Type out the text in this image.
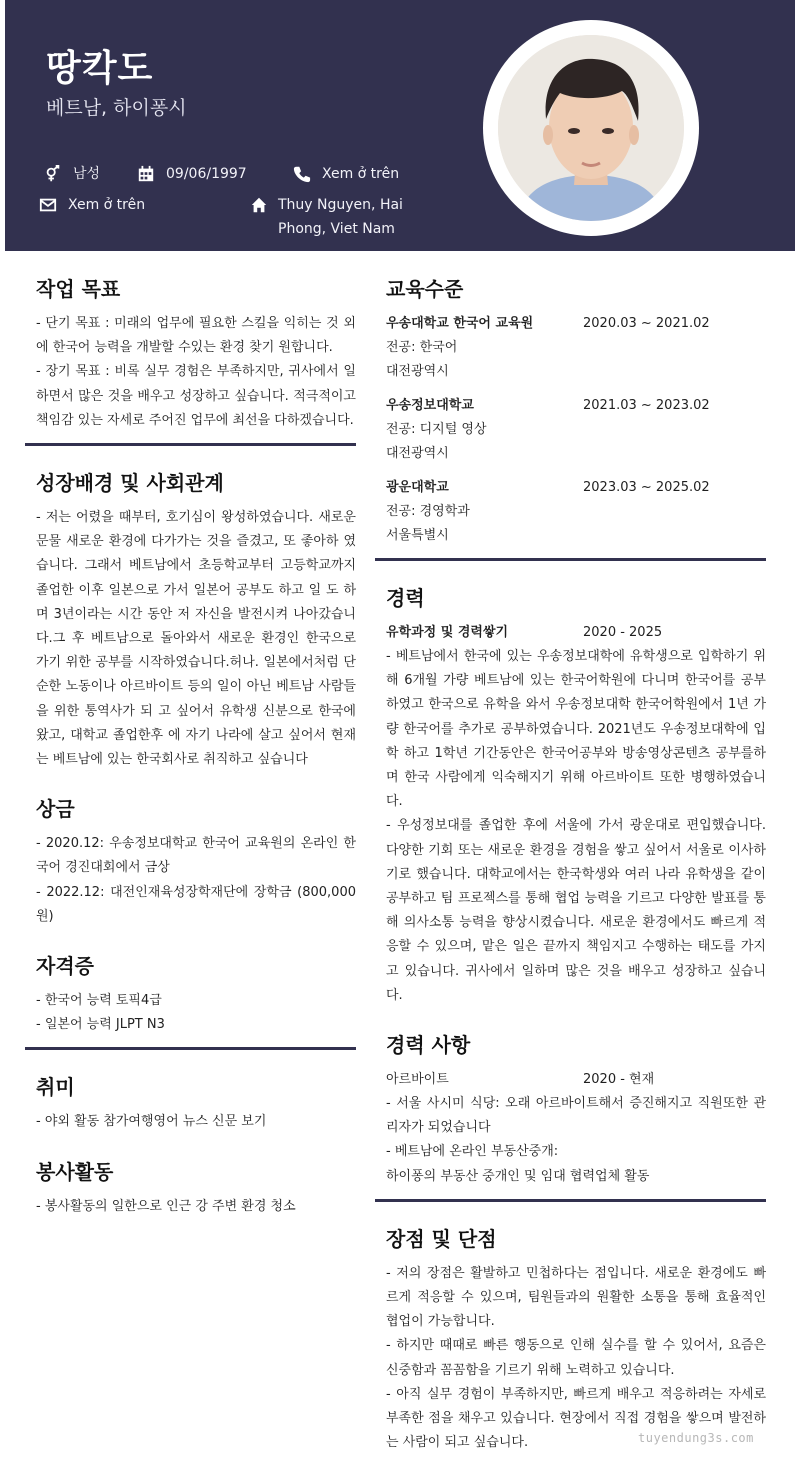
땅칵도
베트남, 하이퐁시
남성	09/06/1997	Xem ở trên
Xem ở trên	Thuy Nguyen, Hai Phong, Viet Nam
작업 목표
- 단기 목표 : 미래의 업무에 필요한 스킬을 익히는 것 외에 한국어 능력을 개발할 수있는 환경 찾기 원합니다.
- 장기 목표 : 비록 실무 경험은 부족하지만, 귀사에서 일하면서 많은 것을 배우고 성장하고 싶습니다. 적극적이고 책임감 있는 자세로 주어진 업무에 최선을 다하겠습니다.
성장배경 및 사회관계
- 저는 어렸을 때부터, 호기심이 왕성하였습니다. 새로운 문물 새로운 환경에 다가가는 것을 즐겼고, 또 좋아하 였습니다. 그래서 베트남에서 초등학교부터 고등학교까지 졸업한 이후 일본으로 가서 일본어 공부도 하고 일 도 하며 3년이라는 시간 동안 저 자신을 발전시켜 나아갔습니다.그 후 베트남으로 돌아와서 새로운 환경인 한국으로 가기 위한 공부를 시작하였습니다.허나. 일본에서처럼 단순한 노동이나 아르바이트 등의 일이 아닌 베트남 사람들을 위한 통역사가 되 고 싶어서 유학생 신분으로 한국에 왔고, 대학교 졸업한후 에 자기 나라에 살고 싶어서 현재는 베트남에 있는 한국회사로 취직하고 싶습니다
상금
- 2020.12: 우송정보대학교 한국어 교육원의 온라인 한국어 경진대회에서 금상
- 2022.12: 대전인재육성장학재단에 장학금 (800,000원)
자격증
- 한국어 능력 토픽4급
- 일본어 능력 JLPT N3
취미
- 야외 활동 참가여행영어 뉴스 신문 보기
봉사활동
- 봉사활동의 일한으로 인근 강 주변 환경 청소
교육수준
우송대학교 한국어 교육원	2020.03 ~ 2021.02
전공: 한국어
대전광역시
우송정보대학교	2021.03 ~ 2023.02
전공: 디지털 영상
대전광역시
광운대학교	2023.03 ~ 2025.02
전공: 경영학과
서울특별시
경력
유학과정 및 경력쌓기	2020 - 2025
- 베트남에서 한국에 있는 우송정보대학에 유학생으로 입학하기 위해 6개월 가량 베트남에 있는 한국어학원에 다니며 한국어를 공부하였고 한국으로 유학을 와서 우송정보대학 한국어학원에서 1년 가량 한국어를 추가로 공부하였습니다. 2021년도 우송정보대학에 입학 하고 1학년 기간동안은 한국어공부와 방송영상콘텐츠 공부를하며 한국 사람에게 익숙해지기 위해 아르바이트 또한 병행하였습니다.
- 우성정보대를 졸업한 후에 서울에 가서 광운대로 편입했습니다. 다양한 기회 또는 새로운 환경을 경험을 쌓고 싶어서 서울로 이사하기로 했습니다. 대학교에서는 한국학생와 여러 나라 유학생을 같이 공부하고 팀 프로젝스를 통해 협업 능력을 기르고 다양한 발표를 통해 의사소통 능력을 향상시켰습니다. 새로운 환경에서도 빠르게 적응할 수 있으며, 맡은 일은 끝까지 책임지고 수행하는 태도를 가지고 있습니다. 귀사에서 일하며 많은 것을 배우고 성장하고 싶습니다.
경력 사항
아르바이트	2020 - 현재
- 서울 사시미 식당: 오래 아르바이트해서 증진해지고 직원또한 관리자가 되었습니다
- 베트남에 온라인 부동산중개:
하이퐁의 부동산 중개인 및 임대 협력업체 활동
장점 및 단점
- 저의 장점은 활발하고 민첩하다는 점입니다. 새로운 환경에도 빠르게 적응할 수 있으며, 팀원들과의 원활한 소통을 통해 효율적인 협업이 가능합니다.
- 하지만 때때로 빠른 행동으로 인해 실수를 할 수 있어서, 요즘은 신중함과 꼼꼼함을 기르기 위해 노력하고 있습니다.
- 아직 실무 경험이 부족하지만, 빠르게 배우고 적응하려는 자세로 부족한 점을 채우고 있습니다. 현장에서 직접 경험을 쌓으며 발전하는 사람이 되고 싶습니다.	tuyendung3s.com
